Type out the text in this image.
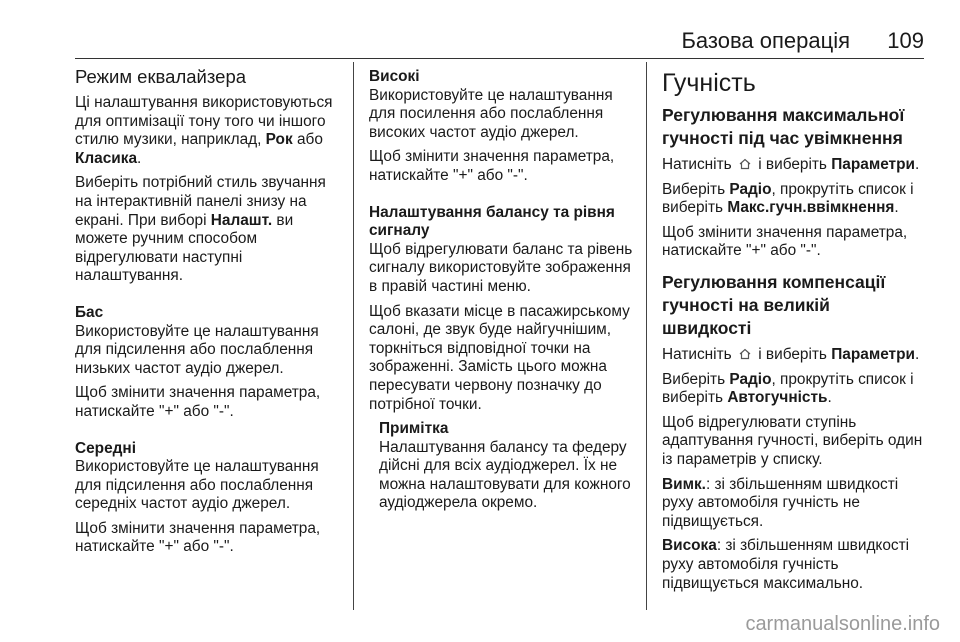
Базова операція 109
Режим еквалайзера

Ці налаштування використовуються для оптимізації тону того чи іншого стилю музики, наприклад, Рок або Класика.

Виберіть потрібний стиль звучання на інтерактивній панелі знизу на екрані. При виборі Налашт. ви можете ручним способом відрегулювати наступні налаштування.

Бас

Використовуйте це налаштування для підсилення або послаблення низьких частот аудіо джерел.

Щоб змінити значення параметра, натискайте "+" або "-".

Середні

Використовуйте це налаштування для підсилення або послаблення середніх частот аудіо джерел.

Щоб змінити значення параметра, натискайте "+" або "-".

Високі

Використовуйте це налаштування для посилення або послаблення високих частот аудіо джерел.

Щоб змінити значення параметра, натискайте "+" або "-".

Налаштування балансу та рівня сигналу

Щоб відрегулювати баланс та рівень сигналу використовуйте зображення в правій частині меню.

Щоб вказати місце в пасажирському салоні, де звук буде найгучнішим, торкніться відповідної точки на зображенні. Замість цього можна пересувати червону позначку до потрібної точки.

Примітка

Налаштування балансу та федеру дійсні для всіх аудіоджерел. Їх не можна налаштовувати для кожного аудіоджерела окремо.

Гучність
Регулювання максимальної гучності під час увімкнення

Натисніть і виберіть Параметри.

Виберіть Радіо, прокрутіть список і виберіть Макс.гучн.ввімкнення.

Щоб змінити значення параметра, натискайте "+" або "-".

Регулювання компенсації гучності на великій швидкості

Натисніть і виберіть Параметри.

Виберіть Радіо, прокрутіть список і виберіть Автогучність.

Щоб відрегулювати ступінь адаптування гучності, виберіть один із параметрів у списку.

Вимк.: зі збільшенням швидкості руху автомобіля гучність не підвищується.

Висока: зі збільшенням швидкості руху автомобіля гучність підвищується максимально.

carmanualsonline.info
